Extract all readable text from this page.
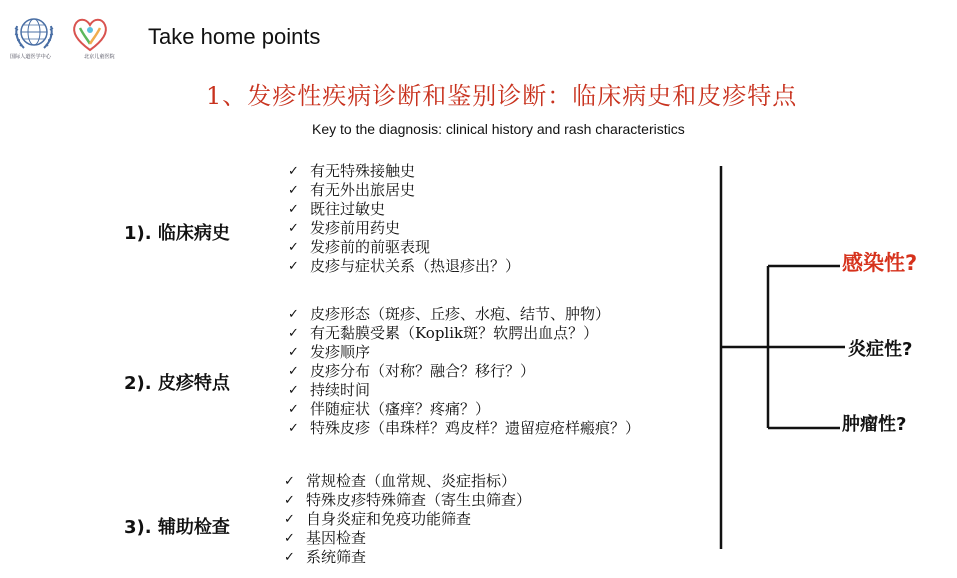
国际人道医学中心	北京儿童医院
Take home points
1、发疹性疾病诊断和鉴别诊断：临床病史和皮疹特点
Key to the diagnosis: clinical history and rash characteristics
1). 临床病史
2). 皮疹特点
3). 辅助检查
✓ 有无特殊接触史
✓ 有无外出旅居史
✓ 既往过敏史
✓ 发疹前用药史
✓ 发疹前的前驱表现
✓ 皮疹与症状关系（热退疹出？）
✓ 皮疹形态（斑疹、丘疹、水疱、结节、肿物）
✓ 有无黏膜受累（Koplik斑？软腭出血点？）
✓ 发疹顺序
✓ 皮疹分布（对称？融合？移行？）
✓ 持续时间
✓ 伴随症状（瘙痒？疼痛？）
✓ 特殊皮疹（串珠样？鸡皮样？遗留痘疮样瘢痕？）
✓ 常规检查（血常规、炎症指标）
✓ 特殊皮疹特殊筛查（寄生虫筛查）
✓ 自身炎症和免疫功能筛查
✓ 基因检查
✓ 系统筛查
感染性?
炎症性?
肿瘤性?
